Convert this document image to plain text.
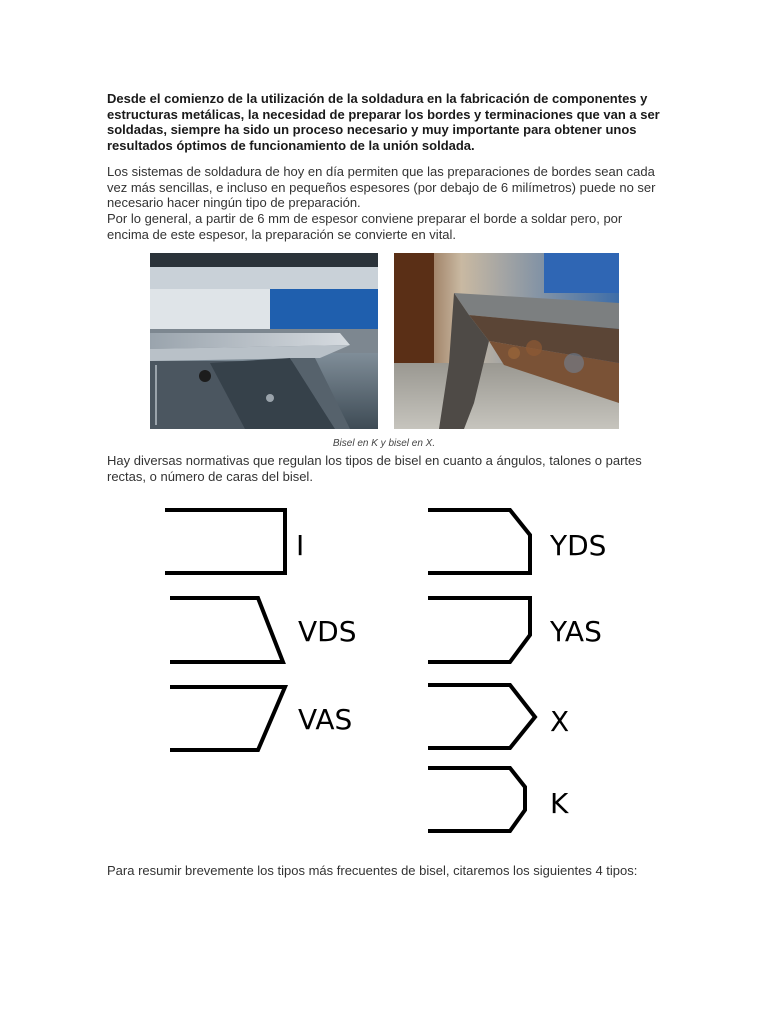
Desde el comienzo de la utilización de la soldadura en la fabricación de componentes y estructuras metálicas, la necesidad de preparar los bordes y terminaciones que van a ser soldadas, siempre ha sido un proceso necesario y muy importante para obtener unos resultados óptimos de funcionamiento de la unión soldada.

Los sistemas de soldadura de hoy en día permiten que las preparaciones de bordes sean cada vez más sencillas, e incluso en pequeños espesores (por debajo de 6 milímetros) puede no ser necesario hacer ningún tipo de preparación.

Por lo general, a partir de 6 mm de espesor conviene preparar el borde a soldar pero, por encima de este espesor, la preparación se convierte en vital.

Bisel en K y bisel en X.

Hay diversas normativas que regulan los tipos de bisel en cuanto a ángulos, talones o partes rectas, o número de caras del bisel.

I
VDS
VAS
YDS
YAS
X
K

Para resumir brevemente los tipos más frecuentes de bisel, citaremos los siguientes 4 tipos:
